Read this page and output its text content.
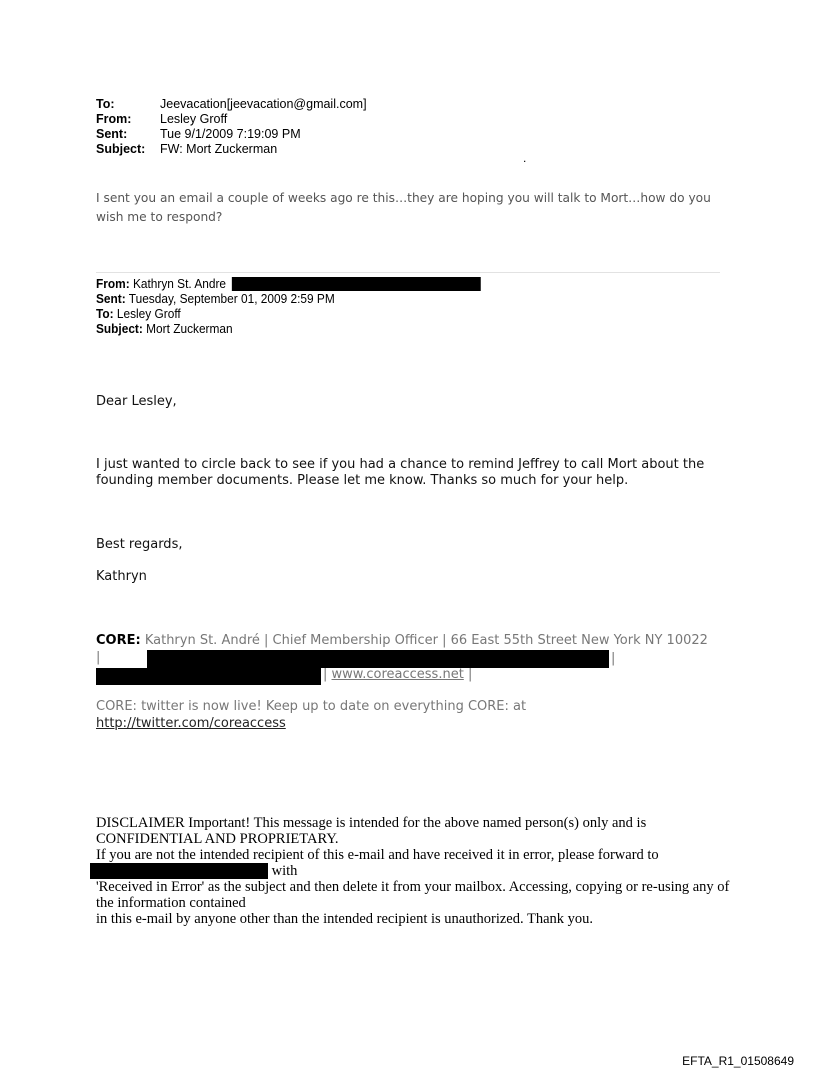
To:	Jeevacation[jeevacation@gmail.com]
From:	Lesley Groff
Sent:	Tue 9/1/2009 7:19:09 PM
Subject:	FW: Mort Zuckerman
.
I sent you an email a couple of weeks ago re this…they are hoping you will talk to Mort…how do you wish me to respond?
From: Kathryn St. Andre
Sent: Tuesday, September 01, 2009 2:59 PM
To: Lesley Groff
Subject: Mort Zuckerman
Dear Lesley,
I just wanted to circle back to see if you had a chance to remind Jeffrey to call Mort about the founding member documents. Please let me know. Thanks so much for your help.
Best regards,
Kathryn
CORE: Kathryn St. André | Chief Membership Officer | 66 East 55th Street New York NY 10022 |	|
| www.coreaccess.net |
CORE: twitter is now live! Keep up to date on everything CORE: at
http://twitter.com/coreaccess
DISCLAIMER Important! This message is intended for the above named person(s) only and is CONFIDENTIAL AND PROPRIETARY.
If you are not the intended recipient of this e-mail and have received it in error, please forward to
with
'Received in Error' as the subject and then delete it from your mailbox. Accessing, copying or re-using any of the information contained
in this e-mail by anyone other than the intended recipient is unauthorized. Thank you.
EFTA_R1_01508649
